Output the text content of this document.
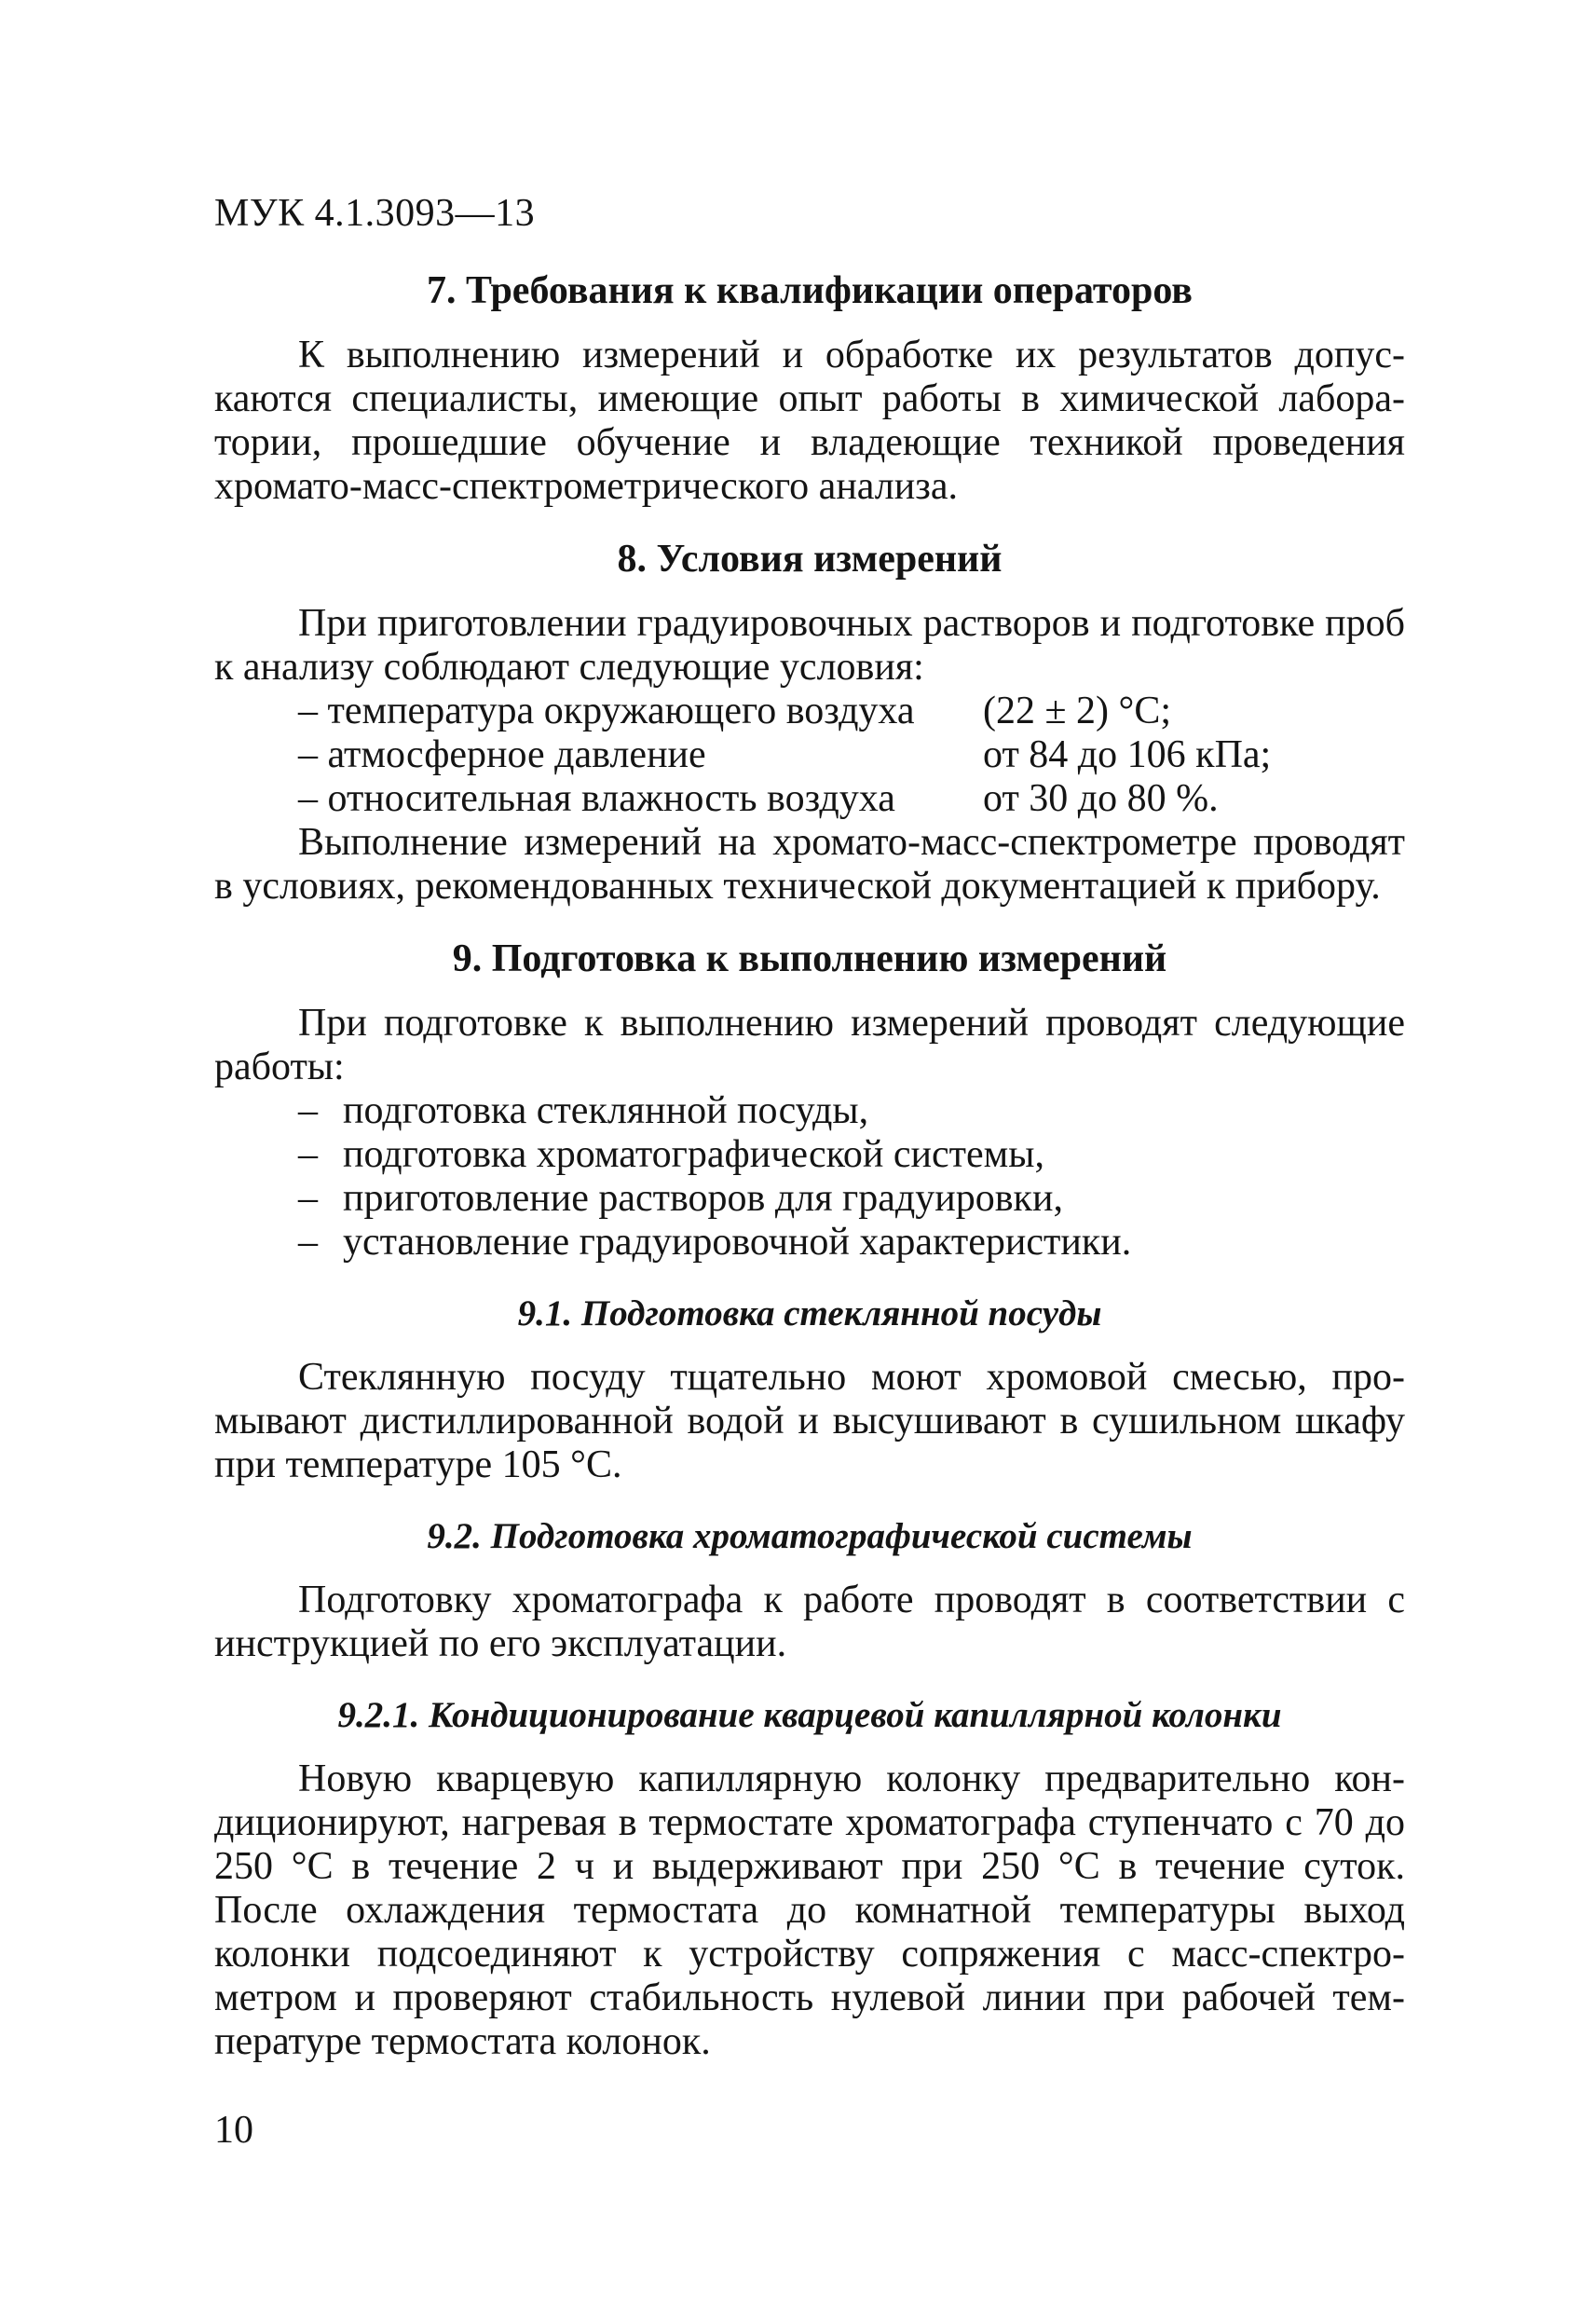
МУК 4.1.3093—13
7. Требования к квалификации операторов

К выполнению измерений и обработке их результатов допускаются специалисты, имеющие опыт работы в химической лаборатории, прошедшие обучение и владеющие техникой проведения хромато-масс-спектрометрического анализа.

8. Условия измерений

При приготовлении градуировочных растворов и подготовке проб к анализу соблюдают следующие условия:

– температура окружающего воздуха	(22 ± 2) °С;
– атмосферное давление	от 84 до 106 кПа;
– относительная влажность воздуха	от 30 до 80 %.

Выполнение измерений на хромато-масс-спектрометре проводят в условиях, рекомендованных технической документацией к прибору.

9. Подготовка к выполнению измерений

При подготовке к выполнению измерений проводят следующие работы:

– подготовка стеклянной посуды,
– подготовка хроматографической системы,
– приготовление растворов для градуировки,
– установление градуировочной характеристики.
9.1. Подготовка стеклянной посуды

Стеклянную посуду тщательно моют хромовой смесью, промывают дистиллированной водой и высушивают в сушильном шкафу при температуре 105 °С.

9.2. Подготовка хроматографической системы

Подготовку хроматографа к работе проводят в соответствии с инструкцией по его эксплуатации.

9.2.1. Кондиционирование кварцевой капиллярной колонки

Новую кварцевую капиллярную колонку предварительно кондиционируют, нагревая в термостате хроматографа ступенчато с 70 до 250 °С в течение 2 ч и выдерживают при 250 °С в течение суток. После охлаждения термостата до комнатной температуры выход колонки подсоединяют к устройству сопряжения с масс-спектрометром и проверяют стабильность нулевой линии при рабочей температуре термостата колонок.

10
